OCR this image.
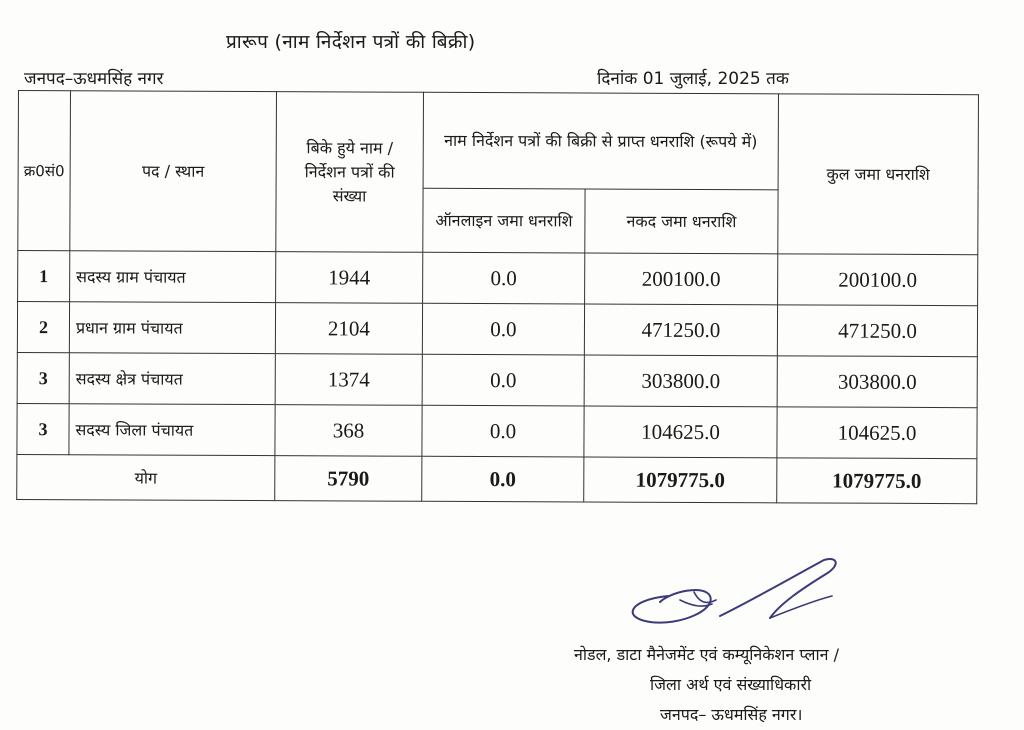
प्रारूप (नाम निर्देशन पत्रों की बिक्री)
जनपद–ऊधमसिंह नगर	दिनांक 01 जुलाई, 2025 तक
क्र0सं0	पद / स्थान	बिके हुये नाम / निर्देशन पत्रों की संख्या	नाम निर्देशन पत्रों की बिक्री से प्राप्त धनराशि (रूपये में)		कुल जमा धनराशि
			ऑनलाइन जमा धनराशि	नकद जमा धनराशि	
1	सदस्य ग्राम पंचायत	1944	0.0	200100.0	200100.0
2	प्रधान ग्राम पंचायत	2104	0.0	471250.0	471250.0
3	सदस्य क्षेत्र पंचायत	1374	0.0	303800.0	303800.0
3	सदस्य जिला पंचायत	368	0.0	104625.0	104625.0
योग		5790	0.0	1079775.0	1079775.0
नोडल, डाटा मैनेजमेंट एवं कम्यूनिकेशन प्लान /
जिला अर्थ एवं संख्याधिकारी
जनपद– ऊधमसिंह नगर।
